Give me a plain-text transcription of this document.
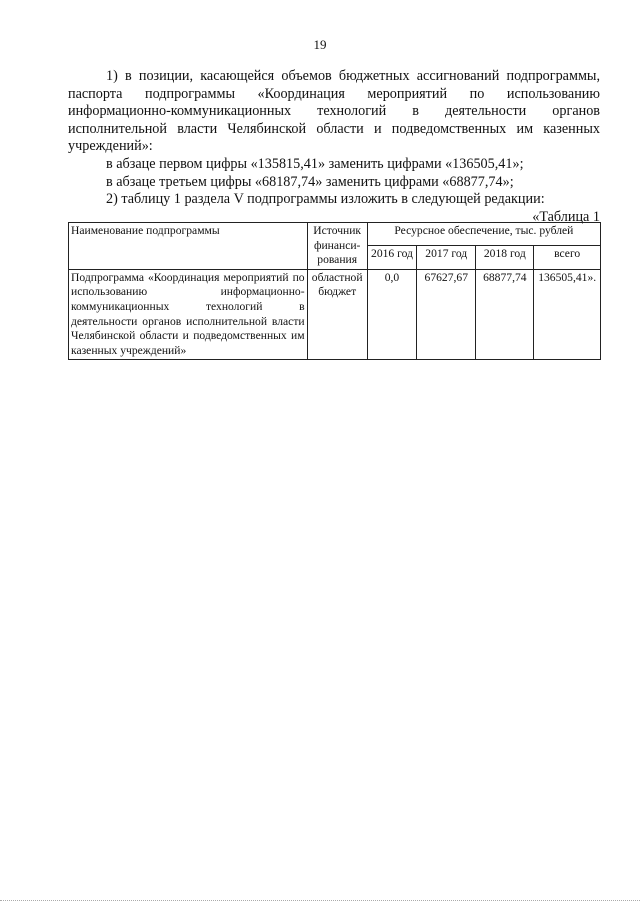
19

1) в позиции, касающейся объемов бюджетных ассигнований подпрограммы, паспорта подпрограммы «Координация мероприятий по использованию информационно-коммуникационных технологий в деятельности органов исполнительной власти Челябинской области и подведомственных им казенных учреждений»:

в абзаце первом цифры «135815,41» заменить цифрами «136505,41»;

в абзаце третьем цифры «68187,74» заменить цифрами «68877,74»;

2) таблицу 1 раздела V подпрограммы изложить в следующей редакции:

«Таблица 1

Наименование подпрограммы	Источник финанси-рования	Ресурсное обеспечение, тыс. рублей			
		2016 год	2017 год	2018 год	всего
Подпрограмма «Координация мероприятий по использованию информационно-коммуникационных технологий в деятельности органов исполнительной власти Челябинской области и подведомственных им казенных учреждений»	областной бюджет	0,0	67627,67	68877,74	136505,41».
